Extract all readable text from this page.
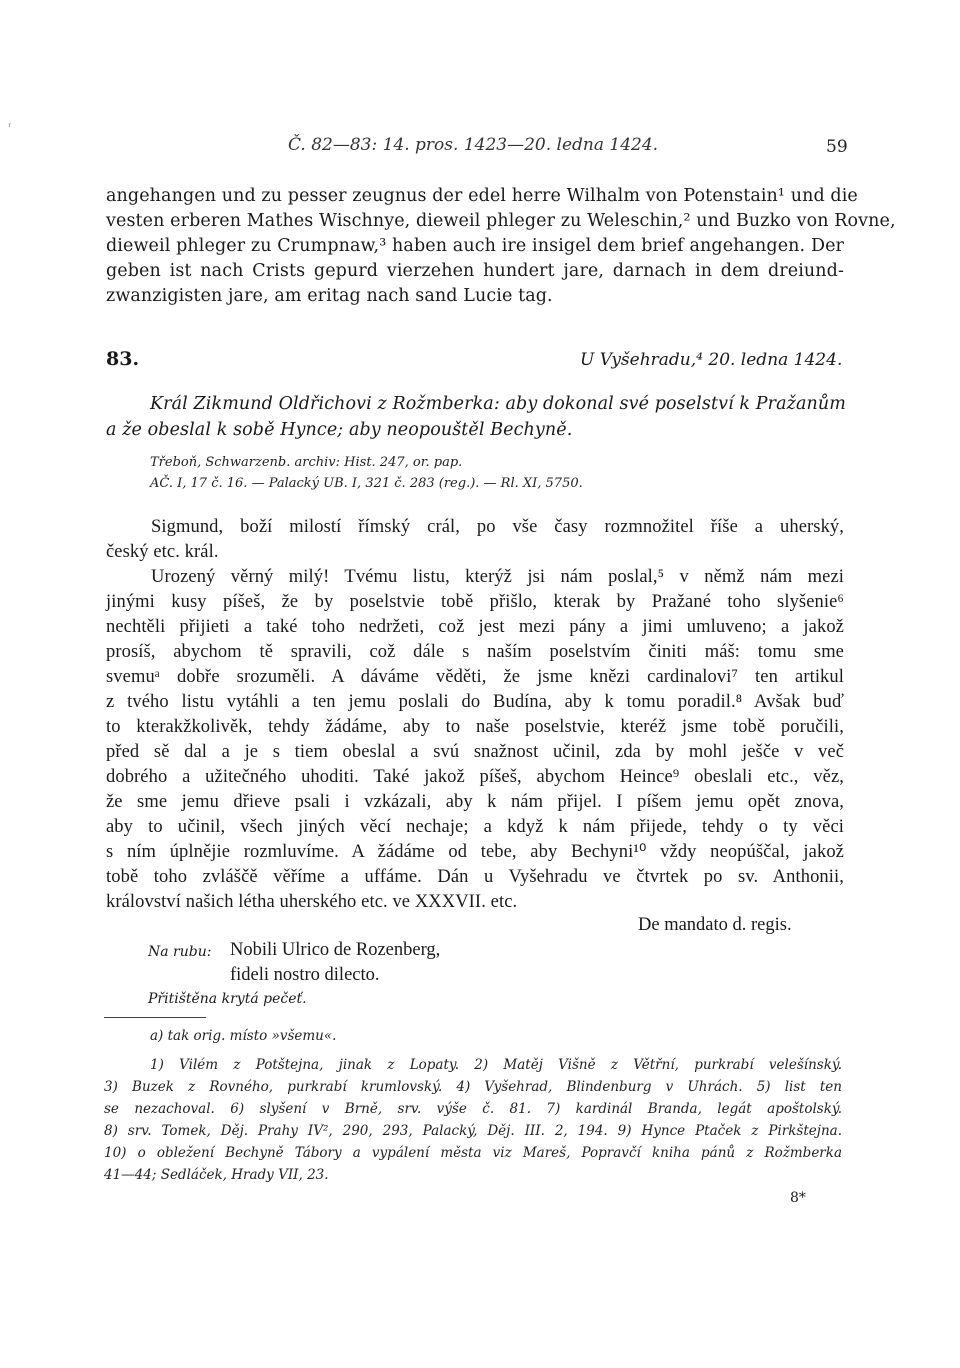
⸢
Č. 82—83: 14. pros. 1423—20. ledna 1424.	59
angehangen und zu pesser zeugnus der edel herre Wilhalm von Potenstain¹ und die
vesten erberen Mathes Wischnye, dieweil phleger zu Weleschin,² und Buzko von Rovne,
dieweil phleger zu Crumpnaw,³ haben auch ire insigel dem brief angehangen. Der
geben ist nach Crists gepurd vierzehen hundert jare, darnach in dem dreiund-
zwanzigisten jare, am eritag nach sand Lucie tag.
83.	U Vyšehradu,⁴ 20. ledna 1424.
Král Zikmund Oldřichovi z Rožmberka: aby dokonal své poselství k Pražanům
a že obeslal k sobě Hynce; aby neopouštěl Bechyně.
Třeboň, Schwarzenb. archiv: Hist. 247, or. pap.
AČ. I, 17 č. 16. — Palacký UB. I, 321 č. 283 (reg.). — Rl. XI, 5750.
Sigmund, boží milostí římský crál, po vše časy rozmnožitel říše a uherský,
český etc. král.
Urozený věrný milý! Tvému listu, kterýž jsi nám poslal,⁵ v němž nám mezi
jinými kusy píšeš, že by poselstvie tobě přišlo, kterak by Pražané toho slyšenie⁶
nechtěli přijieti a také toho nedržeti, což jest mezi pány a jimi umluveno; a jakož
prosíš, abychom tě spravili, což dále s naším poselstvím činiti máš: tomu sme
svemuᵃ dobře srozuměli. A dáváme věděti, že jsme knězi cardinalovi⁷ ten artikul
z tvého listu vytáhli a ten jemu poslali do Budína, aby k tomu poradil.⁸ Avšak buď
to kterakžkolivěk, tehdy žádáme, aby to naše poselstvie, kteréž jsme tobě poručili,
před sě dal a je s tiem obeslal a svú snažnost učinil, zda by mohl ješče v več
dobrého a užitečného uhoditi. Také jakož píšeš, abychom Heince⁹ obeslali etc., věz,
že sme jemu dřieve psali i vzkázali, aby k nám přijel. I píšem jemu opět znova,
aby to učinil, všech jiných věcí nechaje; a když k nám přijede, tehdy o ty věci
s ním úplnějie rozmluvíme. A žádáme od tebe, aby Bechyni¹⁰ vždy neopúščal, jakož
tobě toho zvláščě věříme a uffáme. Dán u Vyšehradu ve čtvrtek po sv. Anthonii,
království našich létha uherského etc. ve XXXVII. etc.
De mandato d. regis.
Na rubu: Nobili Ulrico de Rozenberg,
fideli nostro dilecto.
Přitištěna krytá pečeť.
a) tak orig. místo »všemu«.
1) Vilém z Potštejna, jinak z Lopaty. 2) Matěj Višně z Větřní, purkrabí velešínský.
3) Buzek z Rovného, purkrabí krumlovský. 4) Vyšehrad, Blindenburg v Uhrách. 5) list ten
se nezachoval. 6) slyšení v Brně, srv. výše č. 81. 7) kardinál Branda, legát apoštolský.
8) srv. Tomek, Děj. Prahy IV², 290, 293, Palacký, Děj. III. 2, 194. 9) Hynce Ptaček z Pirkštejna.
10) o obležení Bechyně Tábory a vypálení města viz Mareš, Popravčí kniha pánů z Rožmberka
41—44; Sedláček, Hrady VII, 23.
8*
